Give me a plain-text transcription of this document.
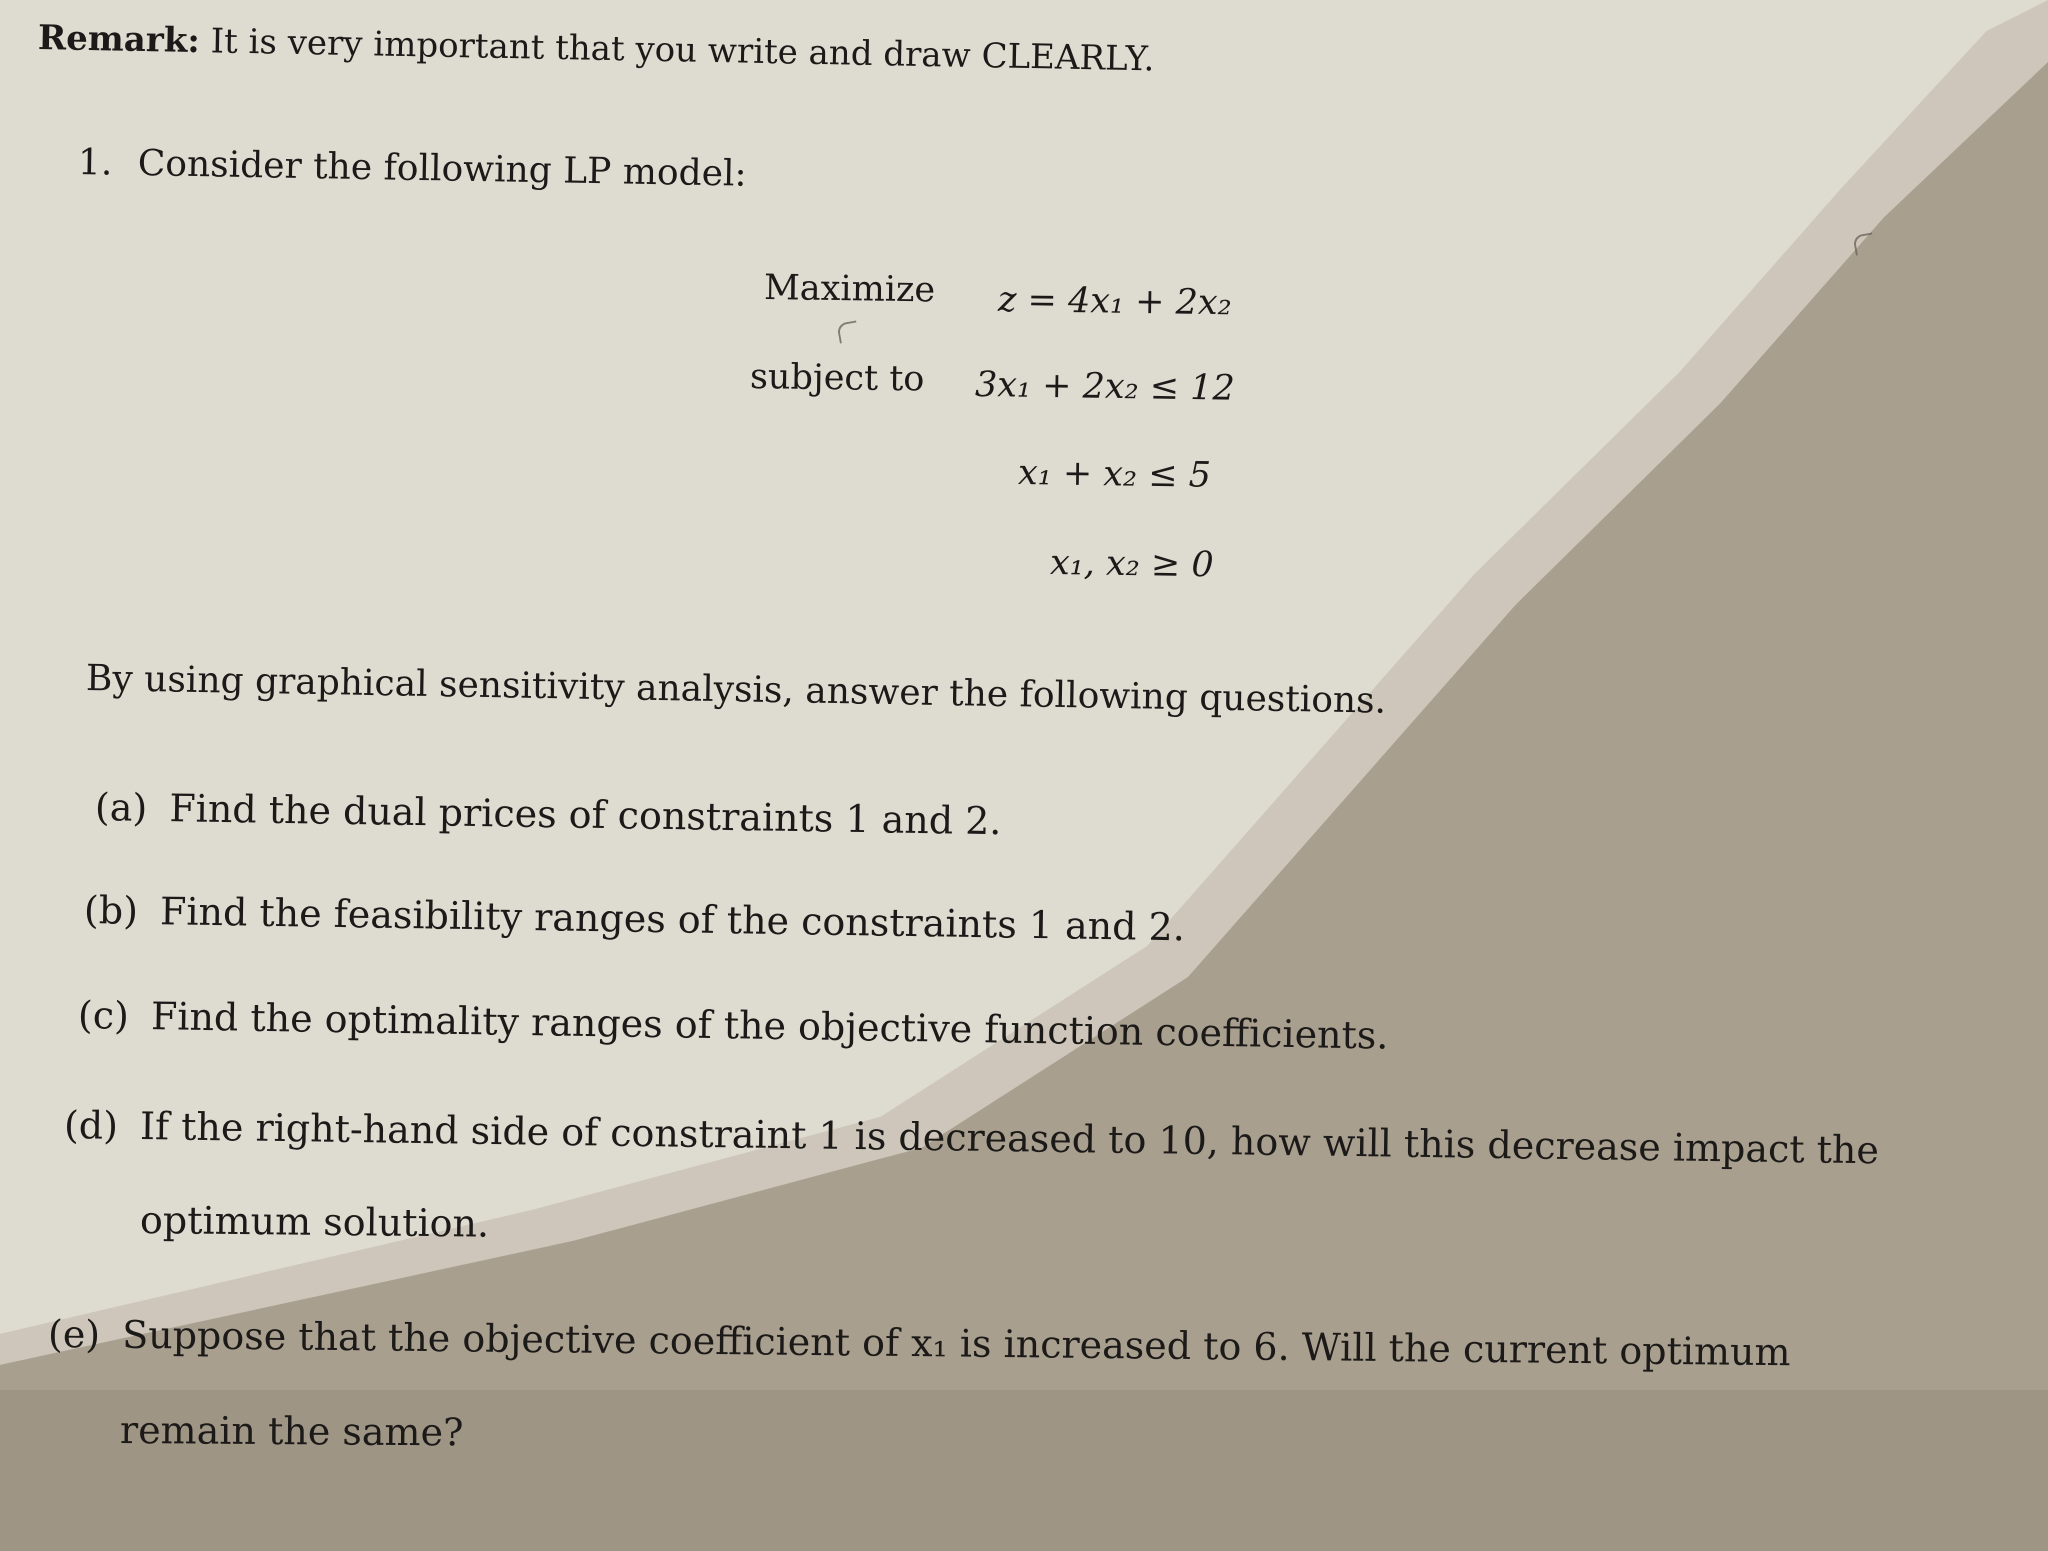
Remark: It is very important that you write and draw CLEARLY.
1. Consider the following LP model:
Maximize z = 4x₁ + 2x₂
subject to 3x₁ + 2x₂ ≤ 12
x₁ + x₂ ≤ 5
x₁, x₂ ≥ 0
By using graphical sensitivity analysis, answer the following questions.
(a) Find the dual prices of constraints 1 and 2.
(b) Find the feasibility ranges of the constraints 1 and 2.
(c) Find the optimality ranges of the objective function coefficients.
(d) If the right-hand side of constraint 1 is decreased to 10, how will this decrease impact the
optimum solution.
(e) Suppose that the objective coefficient of x₁ is increased to 6. Will the current optimum
remain the same?
